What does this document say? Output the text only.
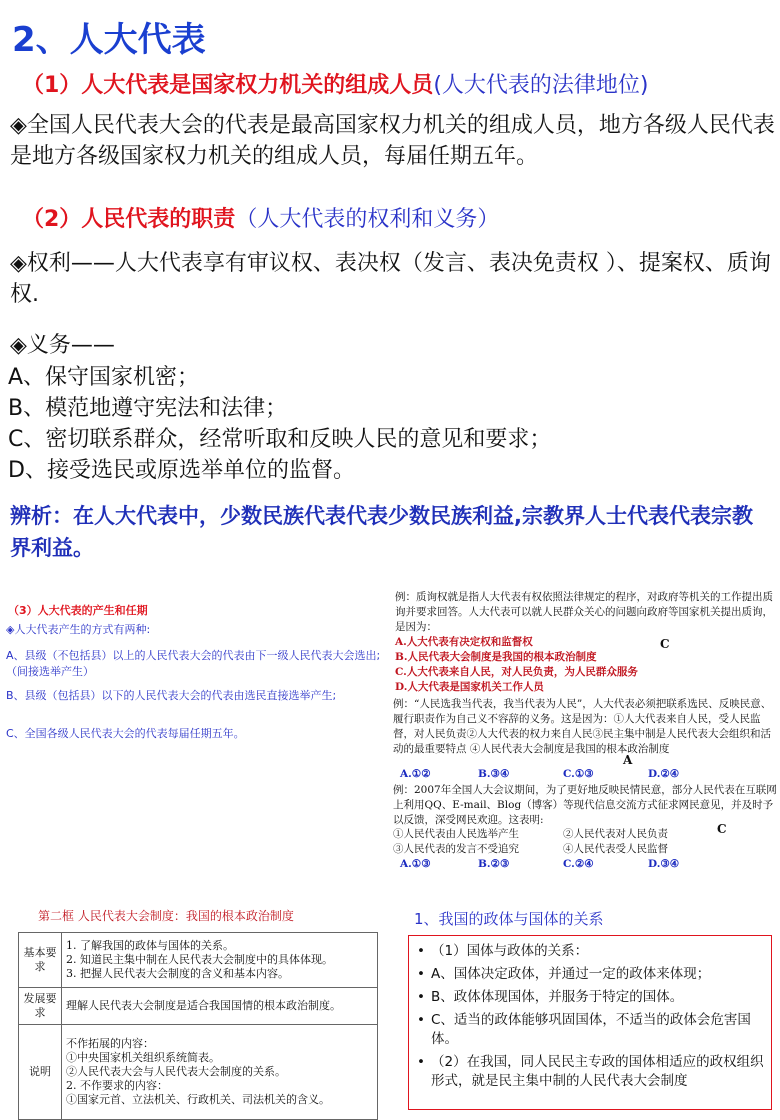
2、人大代表
（1）人大代表是国家权力机关的组成人员(人大代表的法律地位)
◈全国人民代表大会的代表是最高国家权力机关的组成人员，地方各级人民代表是地方各级国家权力机关的组成人员，每届任期五年。
（2）人民代表的职责（人大代表的权利和义务）
◈权利——人大代表享有审议权、表决权（发言、表决免责权 ）、提案权、质询权.
◈义务——
A、保守国家机密；
B、模范地遵守宪法和法律；
C、密切联系群众，经常听取和反映人民的意见和要求；
D、接受选民或原选举单位的监督。
辨析：在人大代表中，少数民族代表代表少数民族利益,宗教界人士代表代表宗教界利益。
（3）人大代表的产生和任期
◈人大代表产生的方式有两种:
A、县级（不包括县）以上的人民代表大会的代表由下一级人民代表大会选出;（间接选举产生）
B、县级（包括县）以下的人民代表大会的代表由选民直接选举产生;
C、全国各级人民代表大会的代表每届任期五年。
例：质询权就是指人大代表有权依照法律规定的程序，对政府等机关的工作提出质询并要求回答。人大代表可以就人民群众关心的问题向政府等国家机关提出质询，是因为：
A.人大代表有决定权和监督权
B.人民代表大会制度是我国的根本政治制度
C.人大代表来自人民，对人民负责，为人民群众服务
D.人大代表是国家机关工作人员
C
例：“人民选我当代表，我当代表为人民”，人大代表必须把联系选民、反映民意、履行职责作为自己义不容辞的义务。这是因为：①人大代表来自人民，受人民监督，对人民负责②人大代表的权力来自人民③民主集中制是人民代表大会组织和活动的最重要特点 ④人民代表大会制度是我国的根本政治制度
A
A.①②	B.③④	C.①③	D.②④
例：2007年全国人大会议期间，为了更好地反映民情民意，部分人民代表在互联网上利用QQ、E-mail、Blog（博客）等现代信息交流方式征求网民意见，并及时予以反馈，深受网民欢迎。这表明:
①人民代表由人民选举产生	②人民代表对人民负责
③人民代表的发言不受追究	④人民代表受人民监督
C
A.①③	B.②③	C.②④	D.③④
第二框 人民代表大会制度：我国的根本政治制度
基本要求	1. 了解我国的政体与国体的关系。
2. 知道民主集中制在人民代表大会制度中的具体体现。
3. 把握人民代表大会制度的含义和基本内容。

发展要求	理解人民代表大会制度是适合我国国情的根本政治制度。

说明	不作拓展的内容：
①中央国家机关组织系统简表。
②人民代表大会与人民代表大会制度的关系。
2. 不作要求的内容：
①国家元首、立法机关、行政机关、司法机关的含义。
1、我国的政体与国体的关系
• （1）国体与政体的关系：
• A、国体决定政体，并通过一定的政体来体现；
• B、政体体现国体，并服务于特定的国体。
• C、适当的政体能够巩固国体，不适当的政体会危害国体。
• （2）在我国，同人民民主专政的国体相适应的政权组织形式，就是民主集中制的人民代表大会制度
